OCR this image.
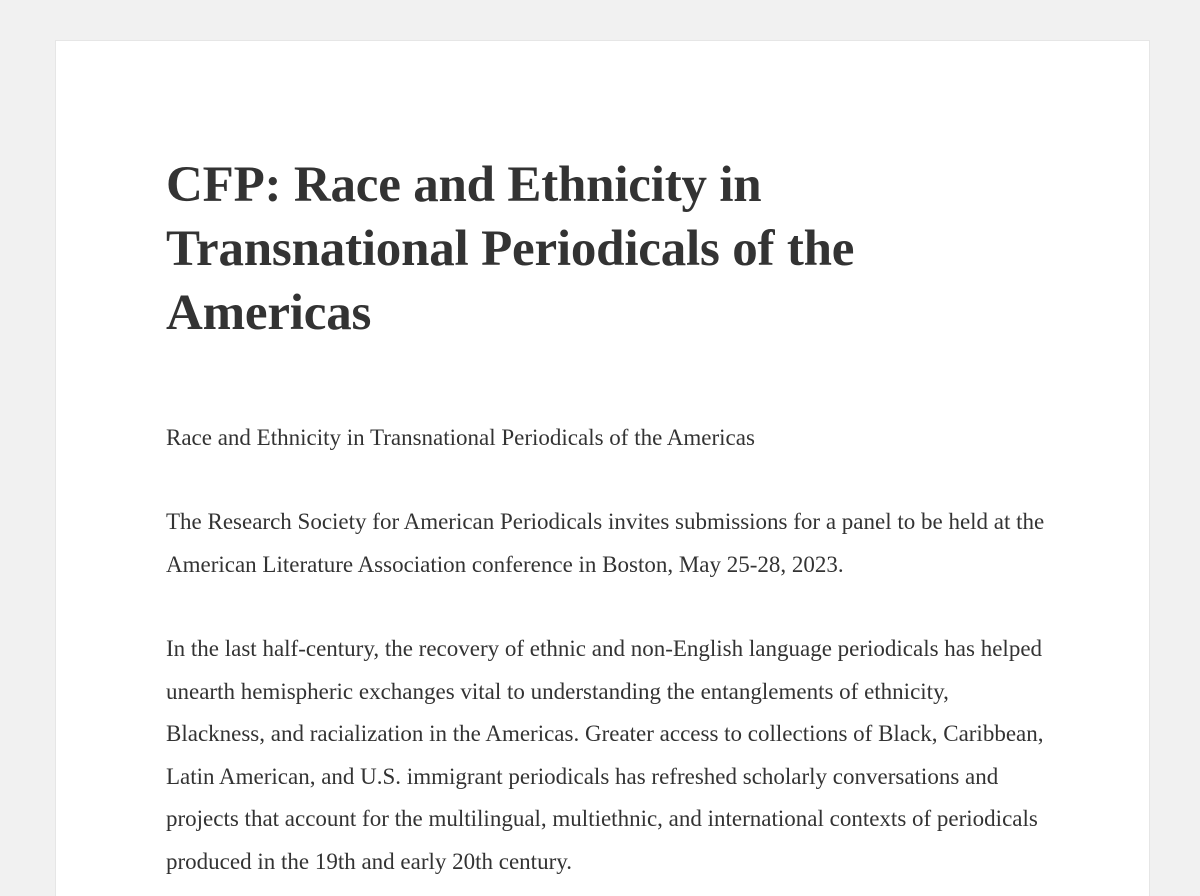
CFP: Race and Ethnicity in Transnational Periodicals of the Americas
Race and Ethnicity in Transnational Periodicals of the Americas

The Research Society for American Periodicals invites submissions for a panel to be held at the American Literature Association conference in Boston, May 25-28, 2023.

In the last half-century, the recovery of ethnic and non-English language periodicals has helped unearth hemispheric exchanges vital to understanding the entanglements of ethnicity, Blackness, and racialization in the Americas. Greater access to collections of Black, Caribbean, Latin American, and U.S. immigrant periodicals has refreshed scholarly conversations and projects that account for the multilingual, multiethnic, and international contexts of periodicals produced in the 19th and early 20th century.
